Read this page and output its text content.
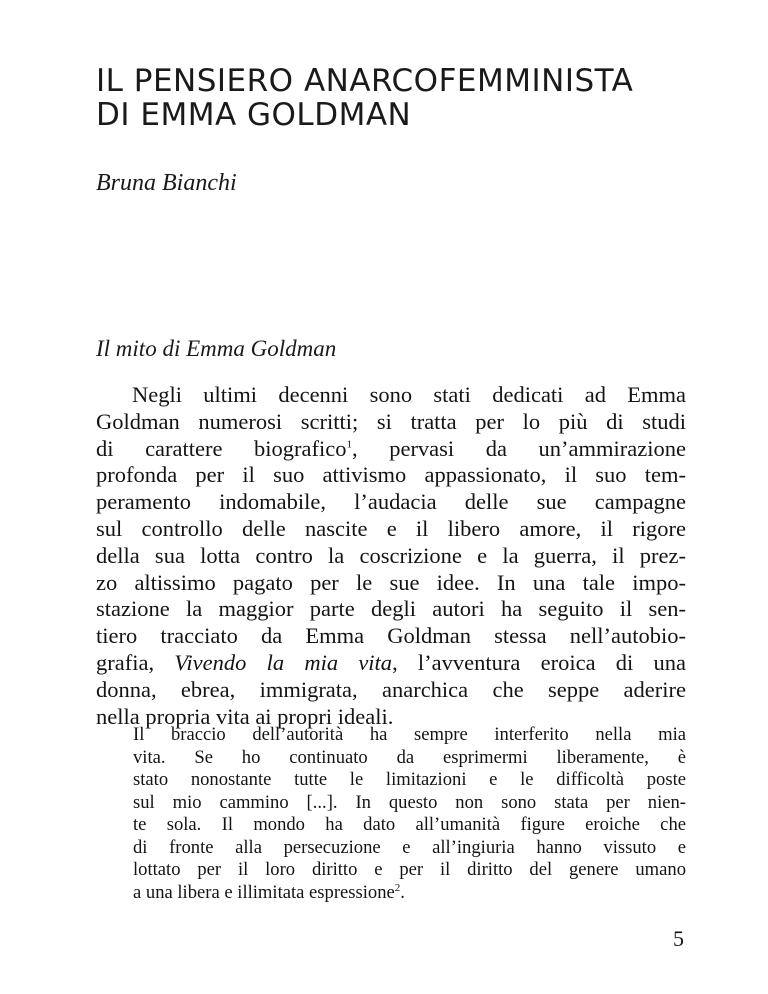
IL PENSIERO ANARCOFEMMINISTA
DI EMMA GOLDMAN

Bruna Bianchi

Il mito di Emma Goldman
Negli ultimi decenni sono stati dedicati ad Emma
Goldman numerosi scritti; si tratta per lo più di studi
di carattere biografico$^1$, pervasi da un’ammirazione
profonda per il suo attivismo appassionato, il suo tem-
peramento indomabile, l’audacia delle sue campagne
sul controllo delle nascite e il libero amore, il rigore
della sua lotta contro la coscrizione e la guerra, il prez-
zo altissimo pagato per le sue idee. In una tale impo-
stazione la maggior parte degli autori ha seguito il sen-
tiero tracciato da Emma Goldman stessa nell’autobio-
grafia, Vivendo la mia vita, l’avventura eroica di una
donna, ebrea, immigrata, anarchica che seppe aderire
nella propria vita ai propri ideali.
Il braccio dell’autorità ha sempre interferito nella mia
vita. Se ho continuato da esprimermi liberamente, è
stato nonostante tutte le limitazioni e le difficoltà poste
sul mio cammino [...]. In questo non sono stata per nien-
te sola. Il mondo ha dato all’umanità figure eroiche che
di fronte alla persecuzione e all’ingiuria hanno vissuto e
lottato per il loro diritto e per il diritto del genere umano
a una libera e illimitata espressione$^2$.
5
